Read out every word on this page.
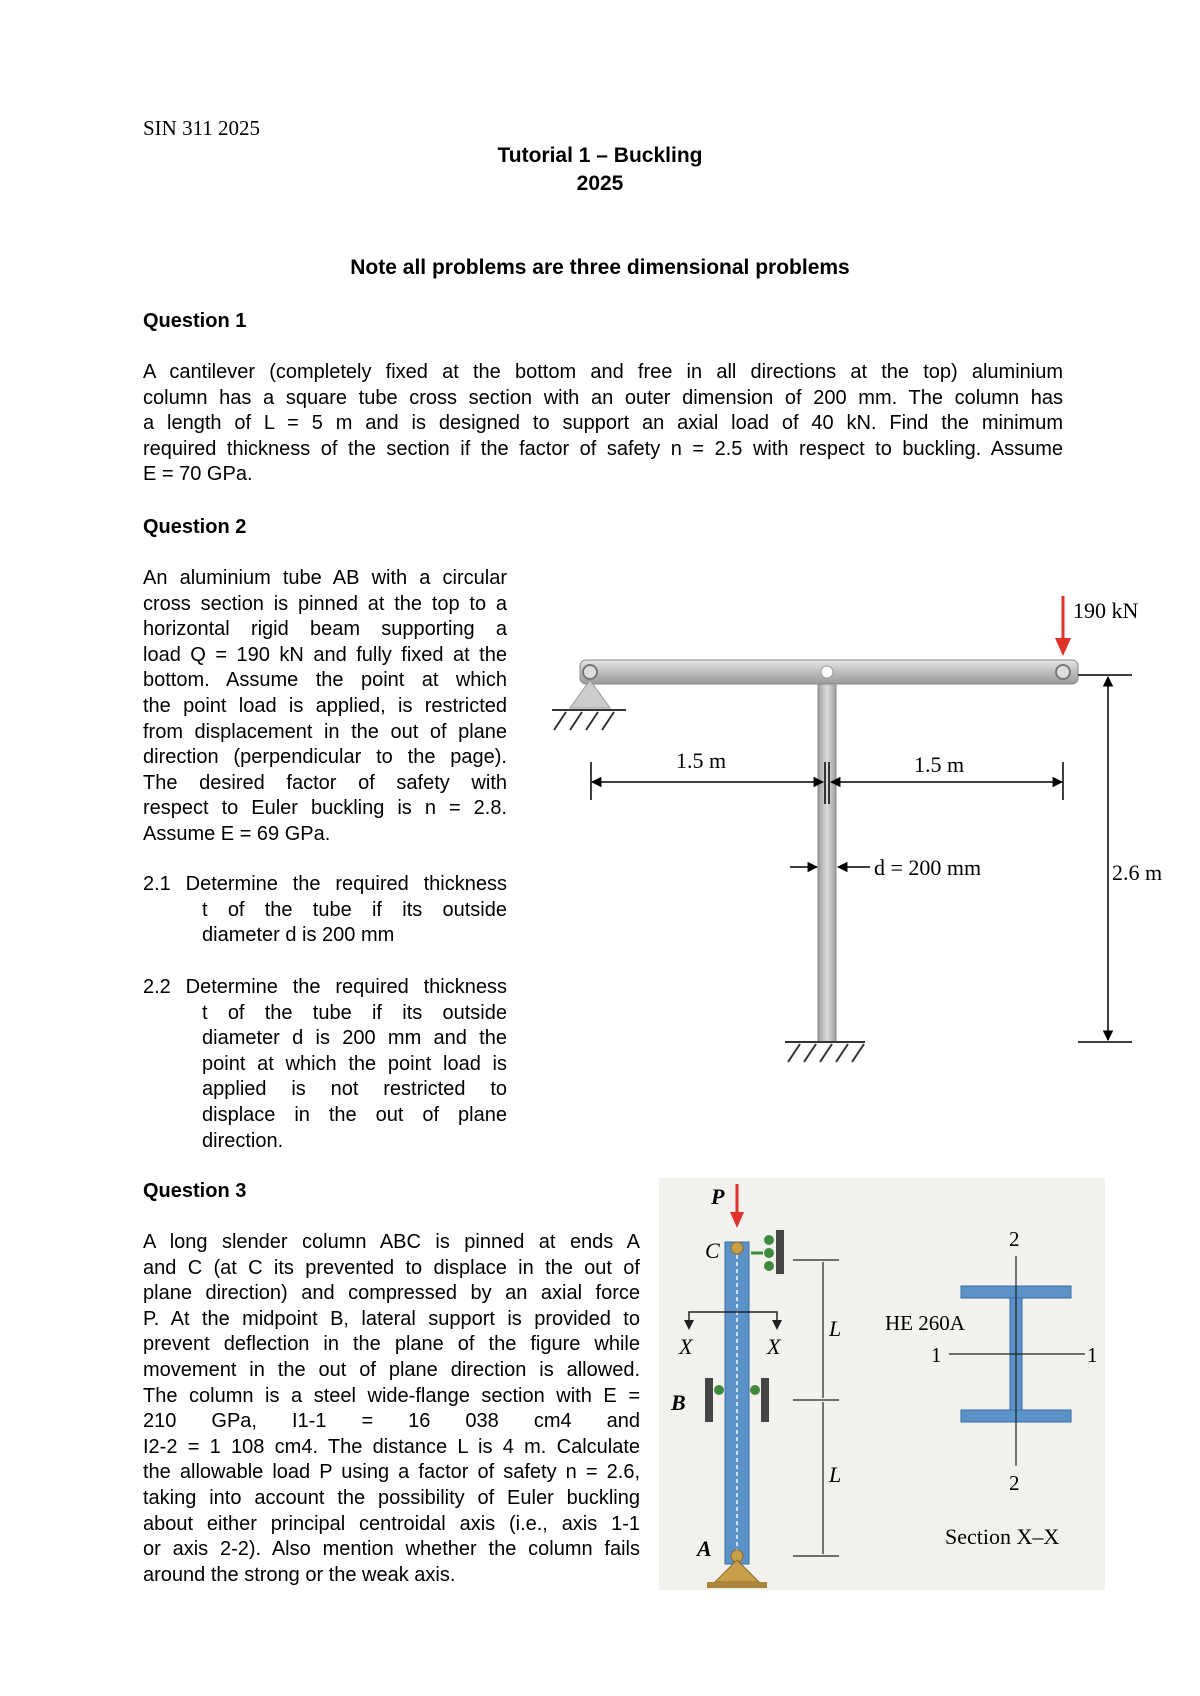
SIN 311 2025
Tutorial 1 – Buckling
2025
Note all problems are three dimensional problems
Question 1
A cantilever (completely fixed at the bottom and free in all directions at the top) aluminium
column has a square tube cross section with an outer dimension of 200 mm. The column has
a length of L = 5 m and is designed to support an axial load of 40 kN. Find the minimum
required thickness of the section if the factor of safety n = 2.5 with respect to buckling. Assume
E = 70 GPa.
Question 2
An aluminium tube AB with a circular
cross section is pinned at the top to a
horizontal rigid beam supporting a
load Q = 190 kN and fully fixed at the
bottom. Assume the point at which
the point load is applied, is restricted
from displacement in the out of plane
direction (perpendicular to the page).
The desired factor of safety with
respect to Euler buckling is n = 2.8.
Assume E = 69 GPa.
2.1 Determine the required thickness
t of the tube if its outside
diameter d is 200 mm
2.2 Determine the required thickness
t of the tube if its outside
diameter d is 200 mm and the
point at which the point load is
applied is not restricted to
displace in the out of plane
direction.
190 kN
1.5 m	1.5 m
d = 200 mm	2.6 m
Question 3
A long slender column ABC is pinned at ends A
and C (at C its prevented to displace in the out of
plane direction) and compressed by an axial force
P. At the midpoint B, lateral support is provided to
prevent deflection in the plane of the figure while
movement in the out of plane direction is allowed.
The column is a steel wide-flange section with E =
210 GPa, I1-1 = 16 038 cm4 and
I2-2 = 1 108 cm4. The distance L is 4 m. Calculate
the allowable load P using a factor of safety n = 2.6,
taking into account the possibility of Euler buckling
about either principal centroidal axis (i.e., axis 1-1
or axis 2-2). Also mention whether the column fails
around the strong or the weak axis.
P
C
B
A
X	X
L
L
HE 260A
1	1
2
2
Section X–X
